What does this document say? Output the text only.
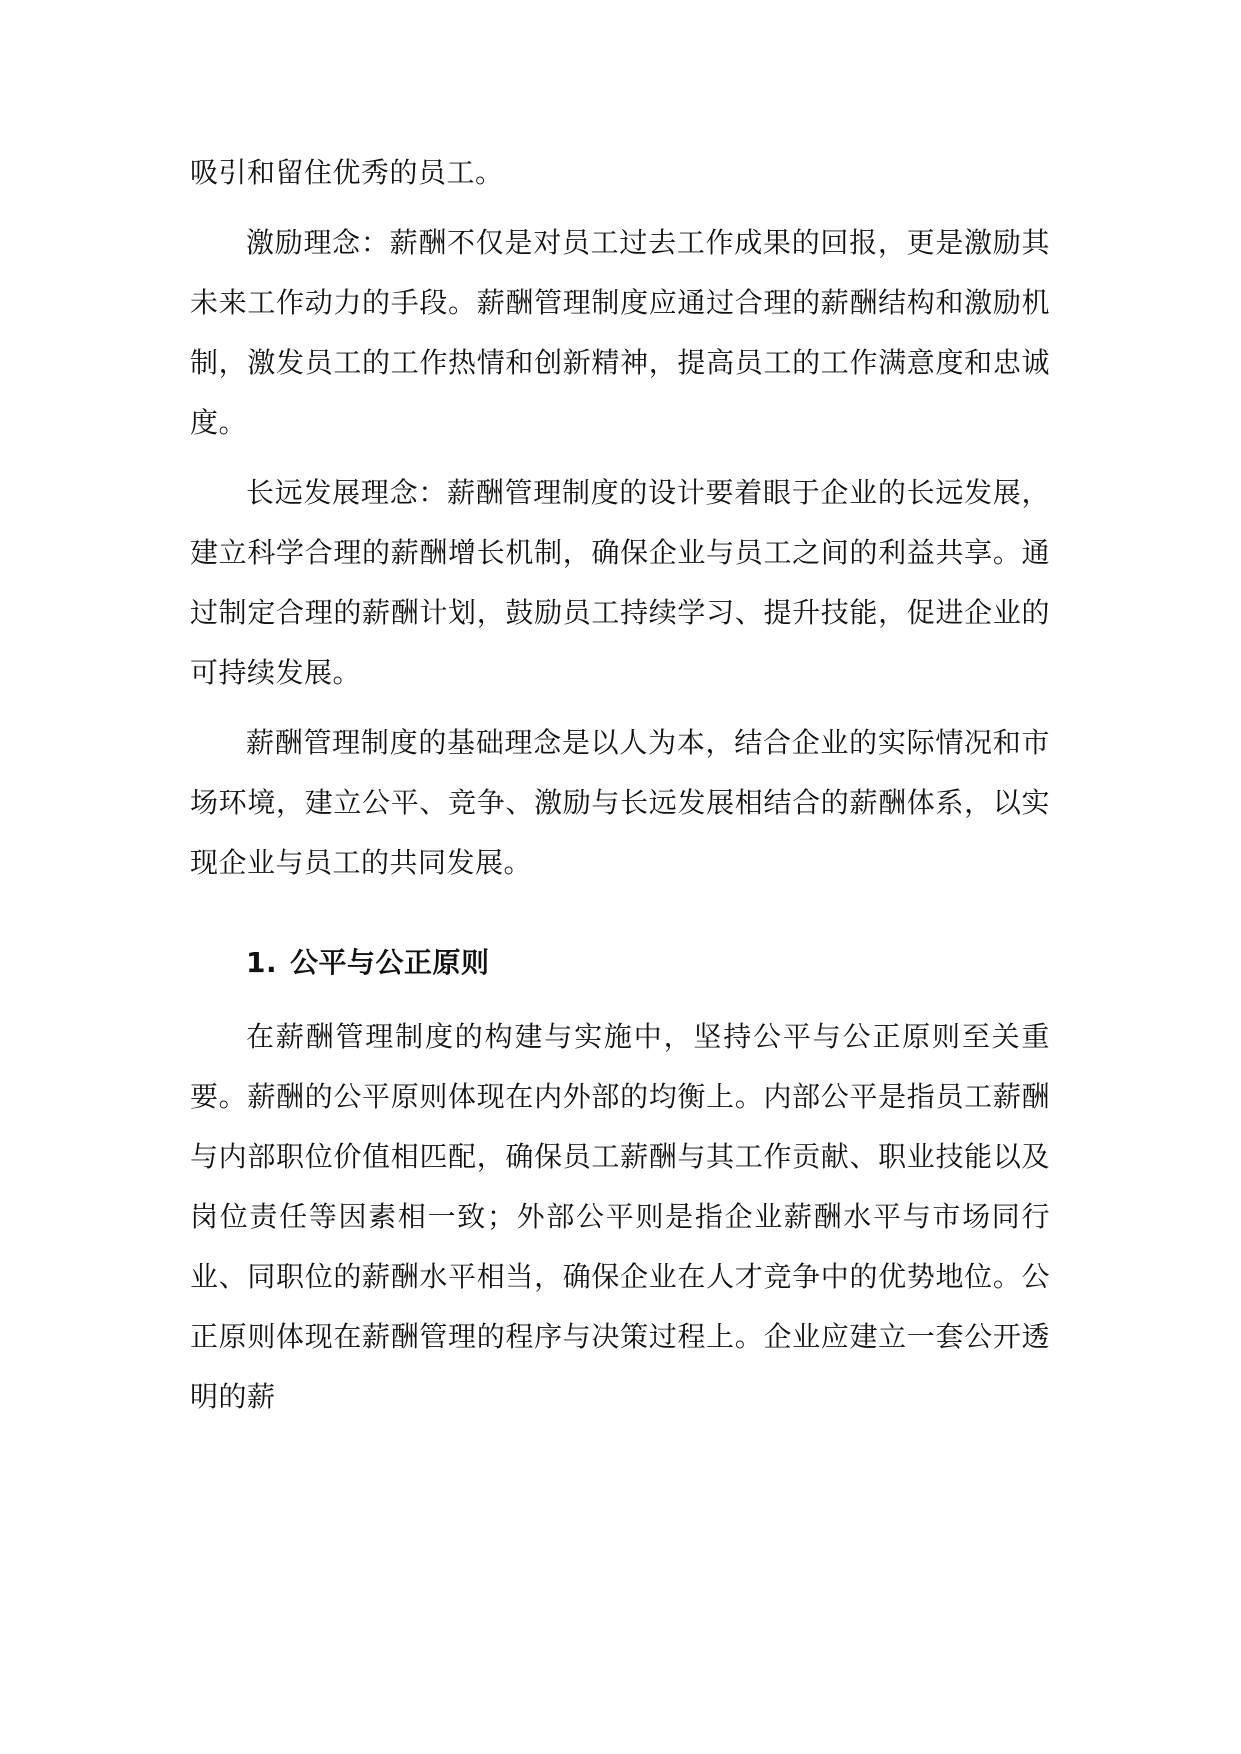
吸引和留住优秀的员工。

激励理念：薪酬不仅是对员工过去工作成果的回报，更是激励其未来工作动力的手段。薪酬管理制度应通过合理的薪酬结构和激励机制，激发员工的工作热情和创新精神，提高员工的工作满意度和忠诚度。

长远发展理念：薪酬管理制度的设计要着眼于企业的长远发展，建立科学合理的薪酬增长机制，确保企业与员工之间的利益共享。通过制定合理的薪酬计划，鼓励员工持续学习、提升技能，促进企业的可持续发展。

薪酬管理制度的基础理念是以人为本，结合企业的实际情况和市场环境，建立公平、竞争、激励与长远发展相结合的薪酬体系，以实现企业与员工的共同发展。

1. 公平与公正原则

在薪酬管理制度的构建与实施中，坚持公平与公正原则至关重要。薪酬的公平原则体现在内外部的均衡上。内部公平是指员工薪酬与内部职位价值相匹配，确保员工薪酬与其工作贡献、职业技能以及岗位责任等因素相一致；外部公平则是指企业薪酬水平与市场同行业、同职位的薪酬水平相当，确保企业在人才竞争中的优势地位。公正原则体现在薪酬管理的程序与决策过程上。企业应建立一套公开透明的薪
